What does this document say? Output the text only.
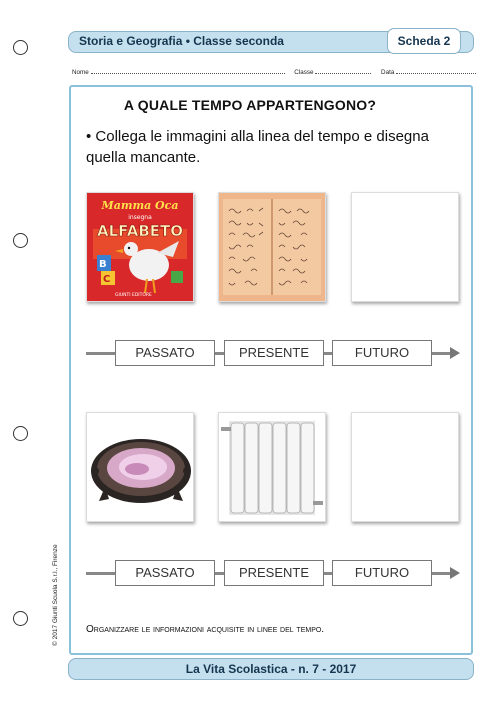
Storia e Geografia • Classe seconda	Scheda 2
Nome	Classe	Data
A QUALE TEMPO APPARTENGONO?
• Collega le immagini alla linea del tempo e disegna quella mancante.
Mamma Oca
insegna
ALFABETO
B
C
GIUNTI EDITORE
PASSATO	PRESENTE	FUTURO
PASSATO	PRESENTE	FUTURO
Organizzare le informazioni acquisite in linee del tempo.
© 2017 Giunti Scuola S.r.l., Firenze
La Vita Scolastica - n. 7 - 2017
